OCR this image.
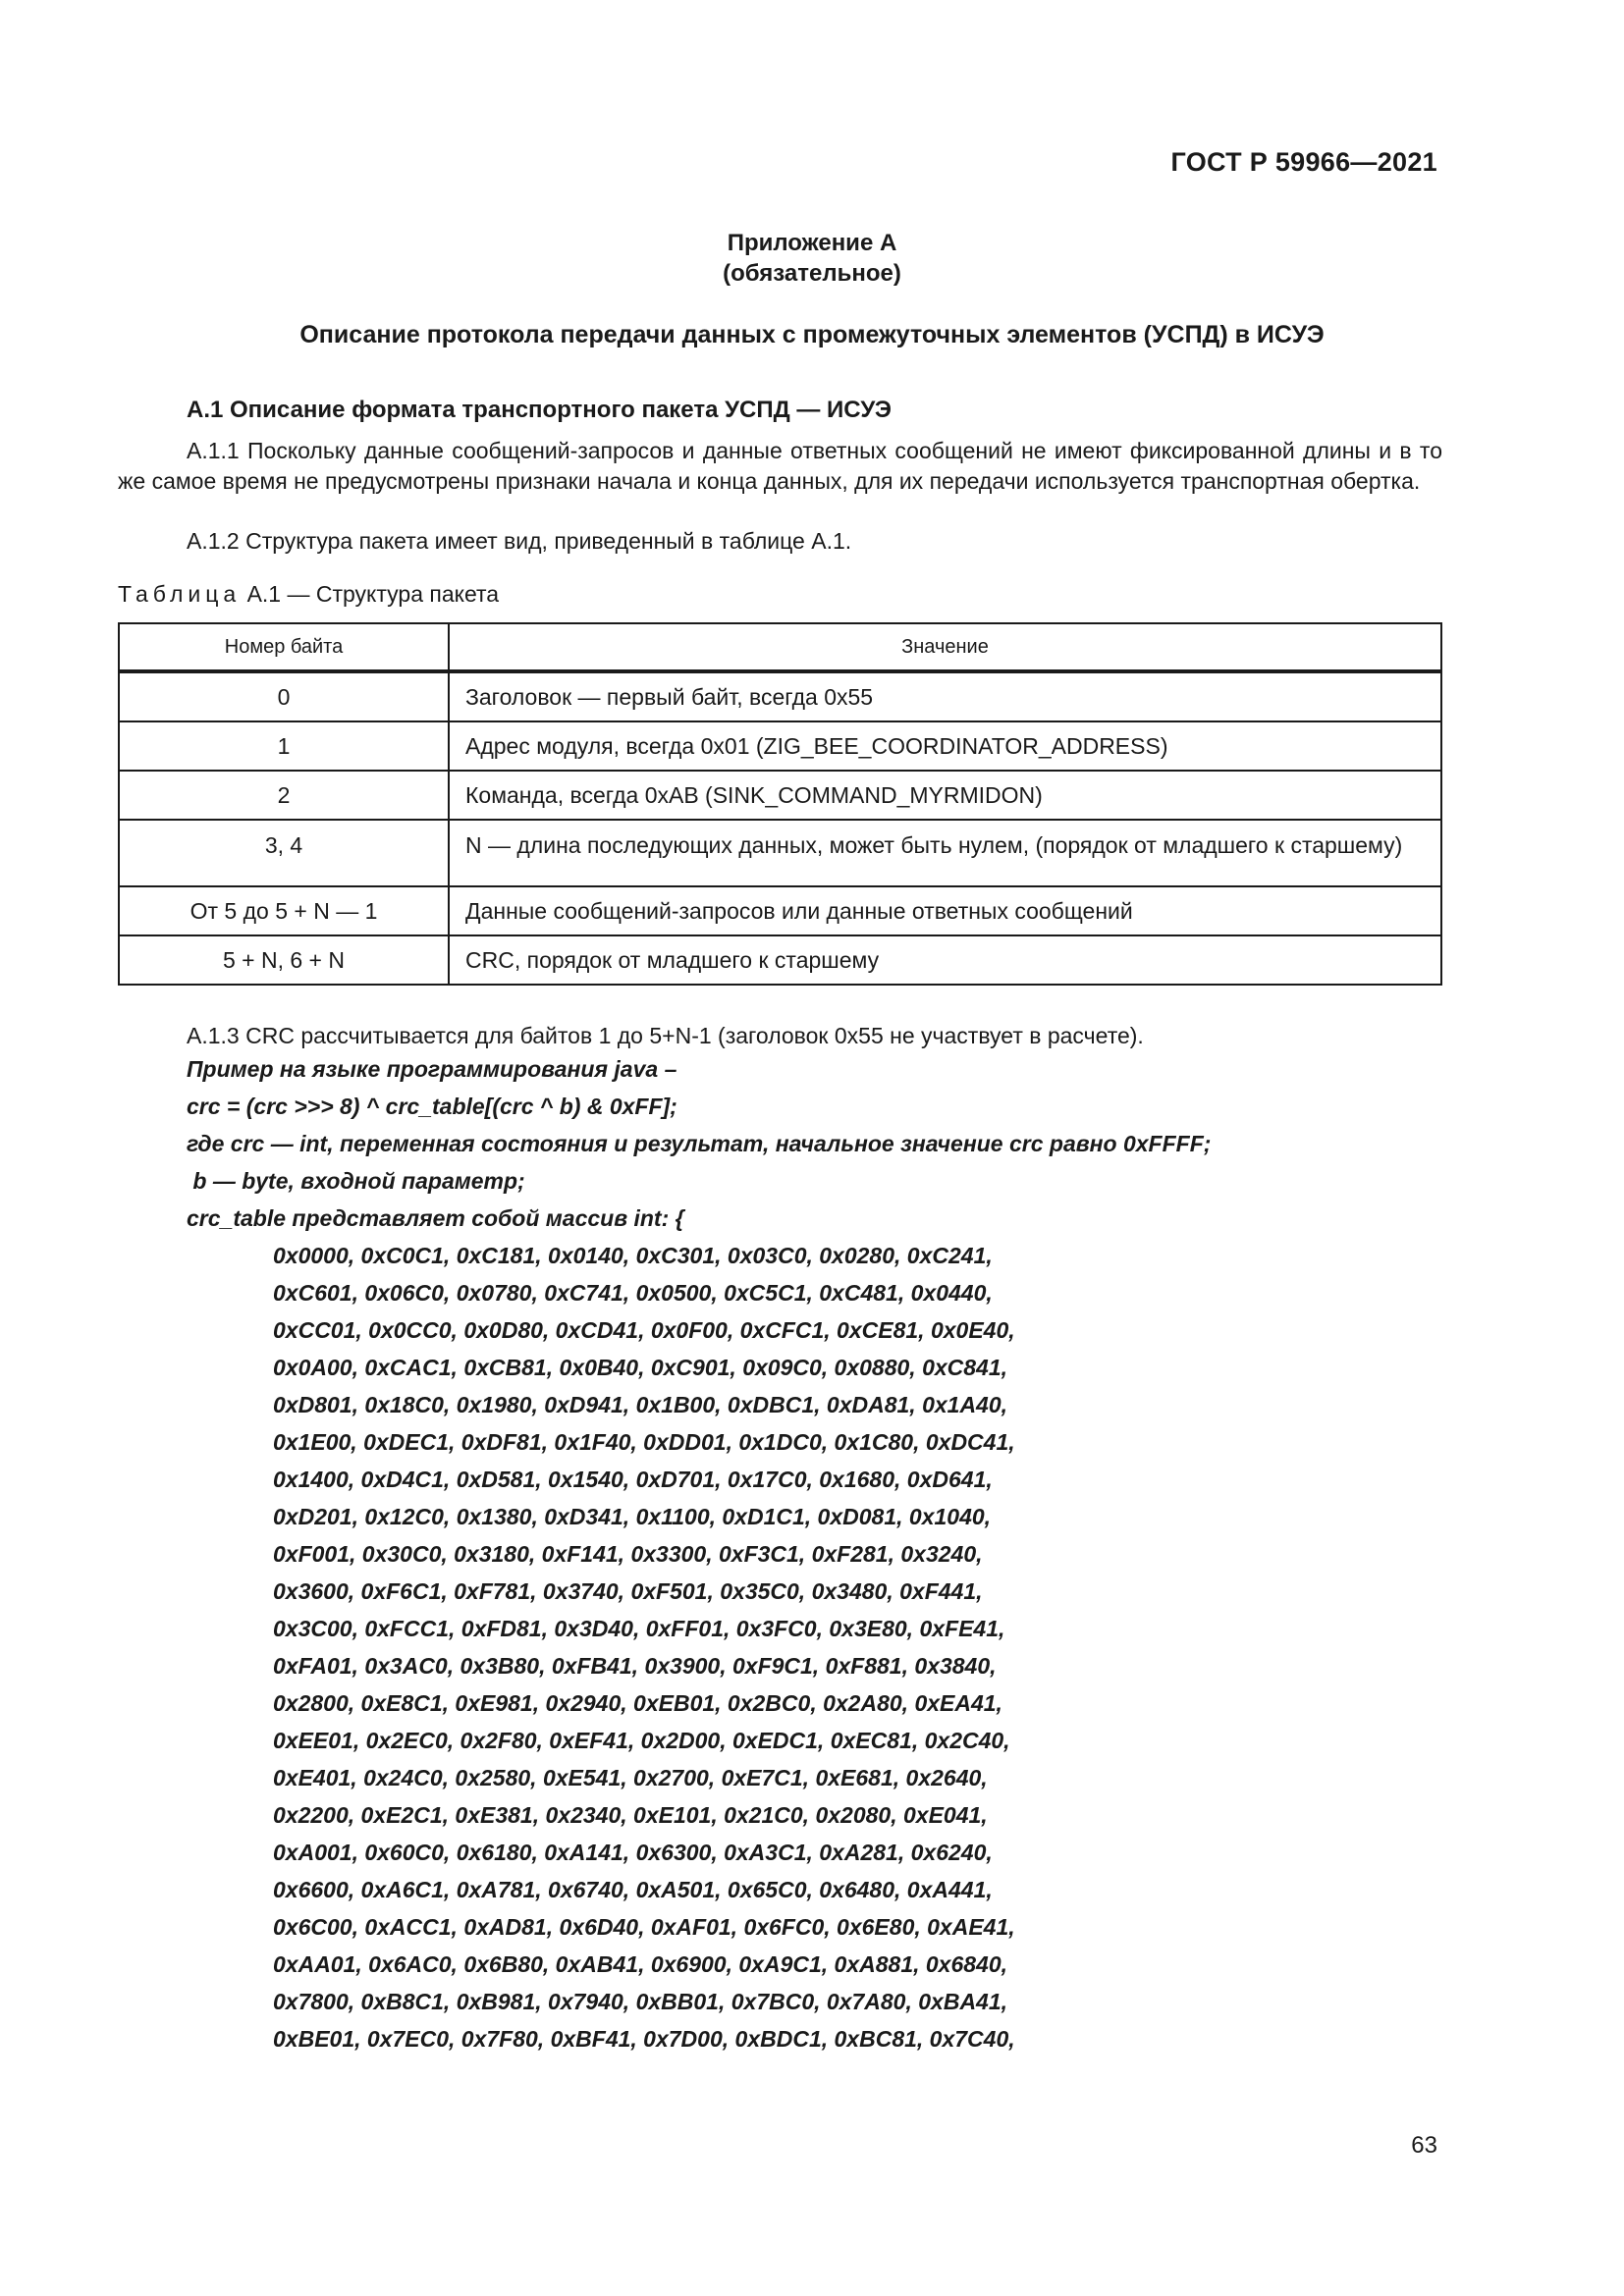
ГОСТ Р 59966—2021
Приложение А
(обязательное)
Описание протокола передачи данных с промежуточных элементов (УСПД) в ИСУЭ
А.1 Описание формата транспортного пакета УСПД — ИСУЭ
А.1.1 Поскольку данные сообщений-запросов и данные ответных сообщений не имеют фиксированной длины и в то же самое время не предусмотрены признаки начала и конца данных, для их передачи используется транспортная обертка.
А.1.2 Структура пакета имеет вид, приведенный в таблице А.1.
Таблица А.1 — Структура пакета
Номер байта	Значение
0	Заголовок — первый байт, всегда 0x55
1	Адрес модуля, всегда 0x01 (ZIG_BEE_COORDINATOR_ADDRESS)
2	Команда, всегда 0xAB (SINK_COMMAND_MYRMIDON)
3, 4	N — длина последующих данных, может быть нулем, (порядок от младшего к старшему)
От 5 до 5 + N — 1	Данные сообщений-запросов или данные ответных сообщений
5 + N, 6 + N	CRC, порядок от младшего к старшему
А.1.3 CRC рассчитывается для байтов 1 до 5+N-1 (заголовок 0x55 не участвует в расчете).
Пример на языке программирования java –
crc = (crc >>> 8) ^ crc_table[(crc ^ b) & 0xFF];
где crc — int, переменная состояния и результат, начальное значение crc равно 0xFFFF;
b — byte, входной параметр;
crc_table представляет собой массив int: {
0x0000, 0xC0C1, 0xC181, 0x0140, 0xC301, 0x03C0, 0x0280, 0xC241,
0xC601, 0x06C0, 0x0780, 0xC741, 0x0500, 0xC5C1, 0xC481, 0x0440,
0xCC01, 0x0CC0, 0x0D80, 0xCD41, 0x0F00, 0xCFC1, 0xCE81, 0x0E40,
0x0A00, 0xCAC1, 0xCB81, 0x0B40, 0xC901, 0x09C0, 0x0880, 0xC841,
0xD801, 0x18C0, 0x1980, 0xD941, 0x1B00, 0xDBC1, 0xDA81, 0x1A40,
0x1E00, 0xDEC1, 0xDF81, 0x1F40, 0xDD01, 0x1DC0, 0x1C80, 0xDC41,
0x1400, 0xD4C1, 0xD581, 0x1540, 0xD701, 0x17C0, 0x1680, 0xD641,
0xD201, 0x12C0, 0x1380, 0xD341, 0x1100, 0xD1C1, 0xD081, 0x1040,
0xF001, 0x30C0, 0x3180, 0xF141, 0x3300, 0xF3C1, 0xF281, 0x3240,
0x3600, 0xF6C1, 0xF781, 0x3740, 0xF501, 0x35C0, 0x3480, 0xF441,
0x3C00, 0xFCC1, 0xFD81, 0x3D40, 0xFF01, 0x3FC0, 0x3E80, 0xFE41,
0xFA01, 0x3AC0, 0x3B80, 0xFB41, 0x3900, 0xF9C1, 0xF881, 0x3840,
0x2800, 0xE8C1, 0xE981, 0x2940, 0xEB01, 0x2BC0, 0x2A80, 0xEA41,
0xEE01, 0x2EC0, 0x2F80, 0xEF41, 0x2D00, 0xEDC1, 0xEC81, 0x2C40,
0xE401, 0x24C0, 0x2580, 0xE541, 0x2700, 0xE7C1, 0xE681, 0x2640,
0x2200, 0xE2C1, 0xE381, 0x2340, 0xE101, 0x21C0, 0x2080, 0xE041,
0xA001, 0x60C0, 0x6180, 0xA141, 0x6300, 0xA3C1, 0xA281, 0x6240,
0x6600, 0xA6C1, 0xA781, 0x6740, 0xA501, 0x65C0, 0x6480, 0xA441,
0x6C00, 0xACC1, 0xAD81, 0x6D40, 0xAF01, 0x6FC0, 0x6E80, 0xAE41,
0xAA01, 0x6AC0, 0x6B80, 0xAB41, 0x6900, 0xA9C1, 0xA881, 0x6840,
0x7800, 0xB8C1, 0xB981, 0x7940, 0xBB01, 0x7BC0, 0x7A80, 0xBA41,
0xBE01, 0x7EC0, 0x7F80, 0xBF41, 0x7D00, 0xBDC1, 0xBC81, 0x7C40,
63
